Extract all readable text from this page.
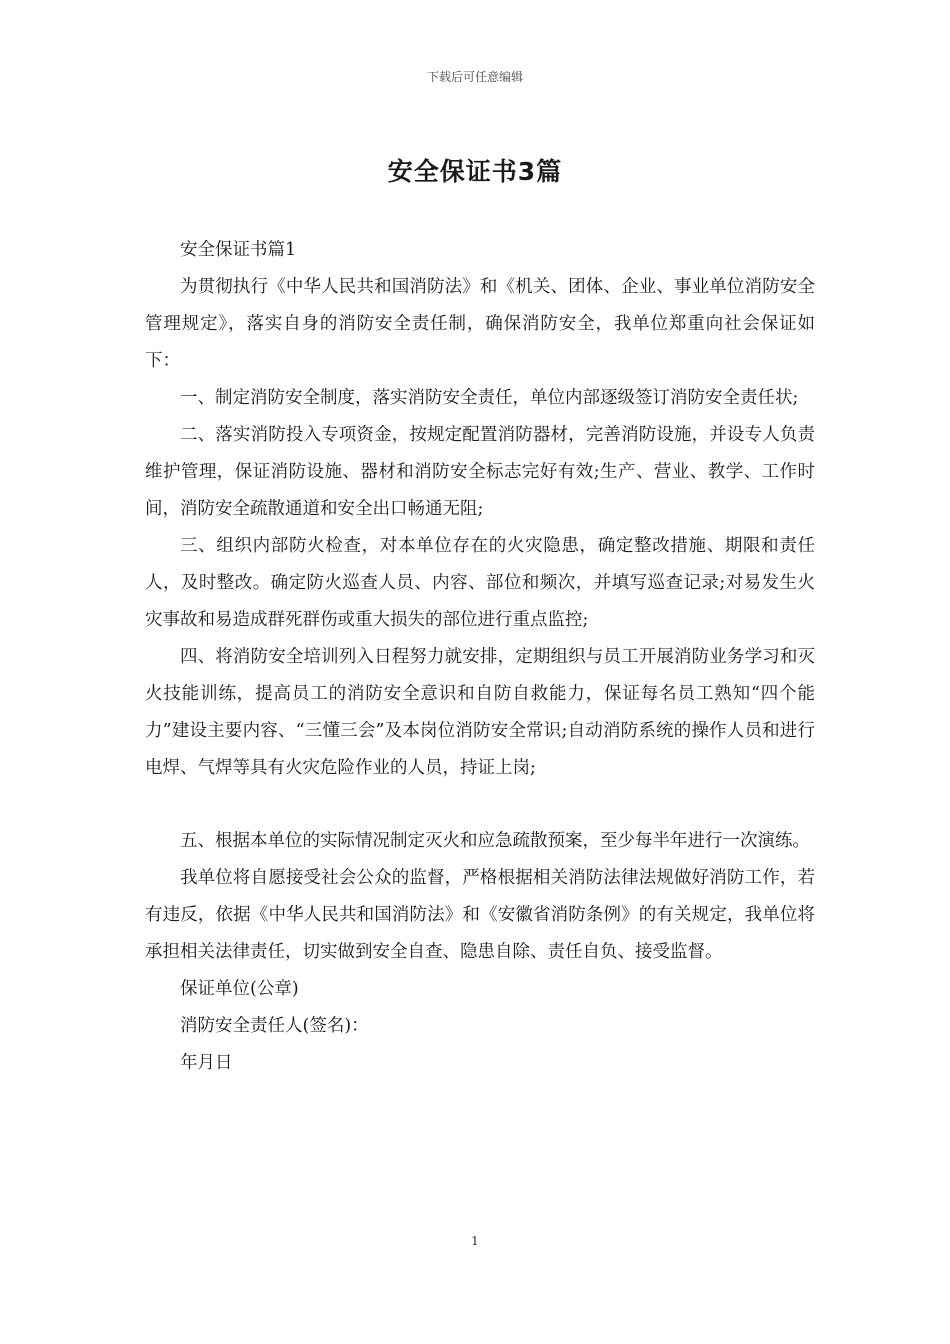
下载后可任意编辑
安全保证书3篇

安全保证书篇1

为贯彻执行《中华人民共和国消防法》和《机关、团体、企业、事业单位消防安全管理规定》，落实自身的消防安全责任制，确保消防安全，我单位郑重向社会保证如下：

一、制定消防安全制度，落实消防安全责任，单位内部逐级签订消防安全责任状;

二、落实消防投入专项资金，按规定配置消防器材，完善消防设施，并设专人负责维护管理，保证消防设施、器材和消防安全标志完好有效;生产、营业、教学、工作时间，消防安全疏散通道和安全出口畅通无阻;

三、组织内部防火检查，对本单位存在的火灾隐患，确定整改措施、期限和责任人，及时整改。确定防火巡查人员、内容、部位和频次，并填写巡查记录;对易发生火灾事故和易造成群死群伤或重大损失的部位进行重点监控;

四、将消防安全培训列入日程努力就安排，定期组织与员工开展消防业务学习和灭火技能训练，提高员工的消防安全意识和自防自救能力，保证每名员工熟知“四个能力”建设主要内容、“三懂三会”及本岗位消防安全常识;自动消防系统的操作人员和进行电焊、气焊等具有火灾危险作业的人员，持证上岗;

五、根据本单位的实际情况制定灭火和应急疏散预案，至少每半年进行一次演练。

我单位将自愿接受社会公众的监督，严格根据相关消防法律法规做好消防工作，若有违反，依据《中华人民共和国消防法》和《安徽省消防条例》的有关规定，我单位将承担相关法律责任，切实做到安全自查、隐患自除、责任自负、接受监督。

保证单位(公章)

消防安全责任人(签名)：

年月日

1
